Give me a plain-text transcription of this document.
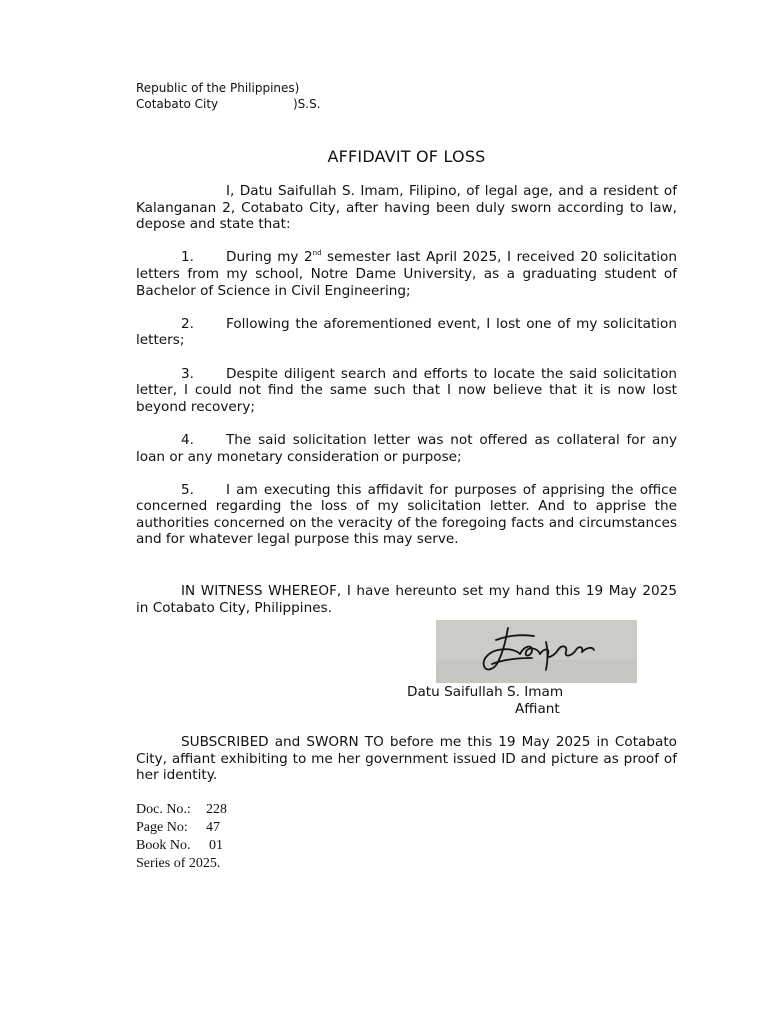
Republic of the Philippines)
Cotabato City	)S.S.
AFFIDAVIT OF LOSS

I, Datu Saifullah S. Imam, Filipino, of legal age, and a resident of Kalanganan 2, Cotabato City, after having been duly sworn according to law, depose and state that:

1. During my 2nd semester last April 2025, I received 20 solicitation letters from my school, Notre Dame University, as a graduating student of Bachelor of Science in Civil Engineering;

2. Following the aforementioned event, I lost one of my solicitation letters;

3. Despite diligent search and efforts to locate the said solicitation letter, I could not find the same such that I now believe that it is now lost beyond recovery;

4. The said solicitation letter was not offered as collateral for any loan or any monetary consideration or purpose;

5. I am executing this affidavit for purposes of apprising the office concerned regarding the loss of my solicitation letter. And to apprise the authorities concerned on the veracity of the foregoing facts and circumstances and for whatever legal purpose this may serve.

IN WITNESS WHEREOF, I have hereunto set my hand this 19 May 2025 in Cotabato City, Philippines.

Datu Saifullah S. Imam
Affiant

SUBSCRIBED and SWORN TO before me this 19 May 2025 in Cotabato City, affiant exhibiting to me her government issued ID and picture as proof of her identity.

Doc. No.: 228
Page No: 47
Book No. 01
Series of 2025.
